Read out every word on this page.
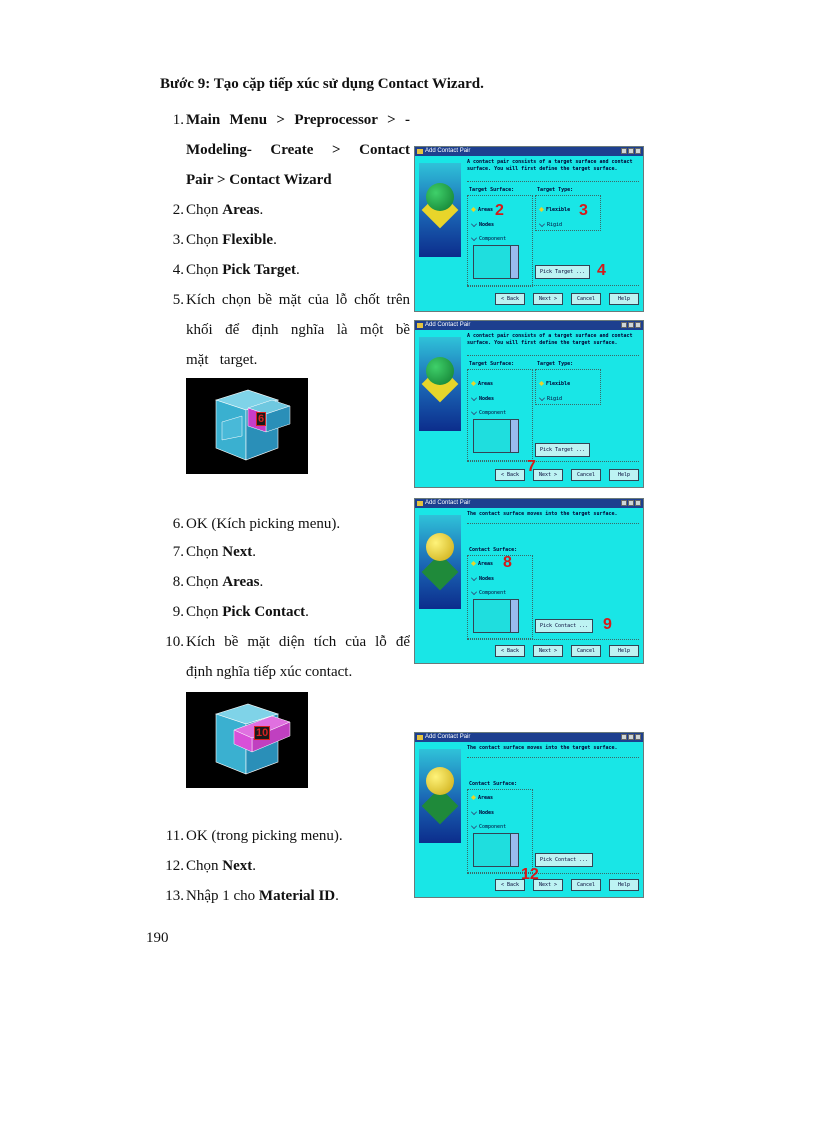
Bước 9: Tạo cặp tiếp xúc sử dụng Contact Wizard.
1. Main Menu > Preprocessor > -
Modeling- Create > Contact
Pair > Contact Wizard
2. Chọn Areas.
3. Chọn Flexible.
4. Chọn Pick Target.
5. Kích chọn bề mặt của lỗ chốt trên
khối để định nghĩa là một bề
mặt   target.
6
6. OK (Kích picking menu).
7. Chọn Next.
8. Chọn Areas.
9. Chọn Pick Contact.
10. Kích bề mặt diện tích của lỗ để
định nghĩa tiếp xúc contact.
10
11. OK (trong picking menu).
12. Chọn Next.
13. Nhập 1 cho Material ID.
190
Add Contact Pair
A contact pair consists of a target surface and contact surface. You will first define the target surface.
Target Surface:	Target Type:
Areas
Nodes
Component
Flexible
Rigid
Pick Target ...
< Back	Next >	Cancel	Help
2	3
4
Add Contact Pair
A contact pair consists of a target surface and contact surface. You will first define the target surface.
Target Surface:	Target Type:
Areas
Nodes
Component
Flexible
Rigid
Pick Target ...
< Back	Next >	Cancel	Help
7
Add Contact Pair
The contact surface moves into the target surface.
Contact Surface:
Areas
Nodes
Component
Pick Contact ...
< Back	Next >	Cancel	Help
8
9
Add Contact Pair
The contact surface moves into the target surface.
Contact Surface:
Areas
Nodes
Component
Pick Contact ...
< Back	Next >	Cancel	Help
12
